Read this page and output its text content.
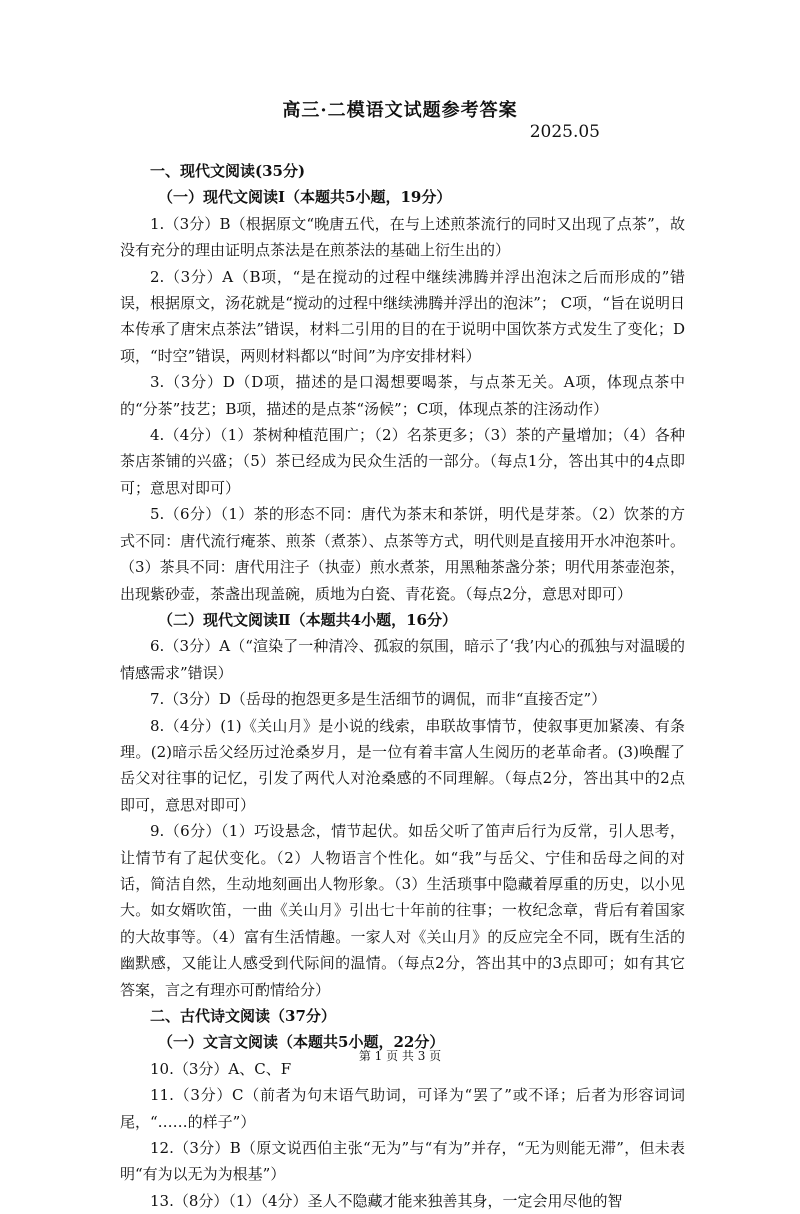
高三·二模语文试题参考答案
2025.05

一、现代文阅读(35分)

（一）现代文阅读Ⅰ（本题共5小题，19分）

1.（3分）B（根据原文“晚唐五代，在与上述煎茶流行的同时又出现了点茶”，故没有充分的理由证明点茶法是在煎茶法的基础上衍生出的）

2.（3分）A（B项，“是在搅动的过程中继续沸腾并浮出泡沫之后而形成的”错误，根据原文，汤花就是“搅动的过程中继续沸腾并浮出的泡沫”； C项，“旨在说明日本传承了唐宋点茶法”错误，材料二引用的目的在于说明中国饮茶方式发生了变化；D项，“时空”错误，两则材料都以“时间”为序安排材料）

3.（3分）D（D项，描述的是口渴想要喝茶，与点茶无关。A项，体现点茶中的“分茶”技艺；B项，描述的是点茶“汤候”；C项，体现点茶的注汤动作）

4.（4分）（1）茶树种植范围广；（2）名茶更多；（3）茶的产量增加；（4）各种茶店茶铺的兴盛；（5）茶已经成为民众生活的一部分。（每点1分，答出其中的4点即可；意思对即可）

5.（6分）（1）茶的形态不同：唐代为茶末和茶饼，明代是芽茶。（2）饮茶的方式不同：唐代流行痷茶、煎茶（煮茶）、点茶等方式，明代则是直接用开水冲泡茶叶。（3）茶具不同：唐代用注子（执壶）煎水煮茶，用黑釉茶盏分茶；明代用茶壶泡茶，出现紫砂壶，茶盏出现盖碗，质地为白瓷、青花瓷。（每点2分，意思对即可）

（二）现代文阅读Ⅱ（本题共4小题，16分）

6.（3分）A（“渲染了一种清冷、孤寂的氛围，暗示了‘我’内心的孤独与对温暖的情感需求”错误）

7.（3分）D（岳母的抱怨更多是生活细节的调侃，而非“直接否定”）

8.（4分）(1)《关山月》是小说的线索，串联故事情节，使叙事更加紧凑、有条理。(2)暗示岳父经历过沧桑岁月，是一位有着丰富人生阅历的老革命者。(3)唤醒了岳父对往事的记忆，引发了两代人对沧桑感的不同理解。（每点2分，答出其中的2点即可，意思对即可）

9.（6分）（1）巧设悬念，情节起伏。如岳父听了笛声后行为反常，引人思考，让情节有了起伏变化。（2）人物语言个性化。如“我”与岳父、宁佳和岳母之间的对话，简洁自然，生动地刻画出人物形象。（3）生活琐事中隐藏着厚重的历史，以小见大。如女婿吹笛，一曲《关山月》引出七十年前的往事；一枚纪念章，背后有着国家的大故事等。（4）富有生活情趣。一家人对《关山月》的反应完全不同，既有生活的幽默感，又能让人感受到代际间的温情。（每点2分，答出其中的3点即可；如有其它答案，言之有理亦可酌情给分）

二、古代诗文阅读（37分）

（一）文言文阅读（本题共5小题，22分）

10.（3分）A、C、F

11.（3分）C（前者为句末语气助词，可译为“罢了”或不译；后者为形容词词尾，“……的样子”）

12.（3分）B（原文说西伯主张“无为”与“有为”并存，“无为则能无滞”，但未表明“有为以无为为根基”）

13.（8分）（1）（4分）圣人不隐藏才能来独善其身，一定会用尽他的智

第 1 页 共 3 页
